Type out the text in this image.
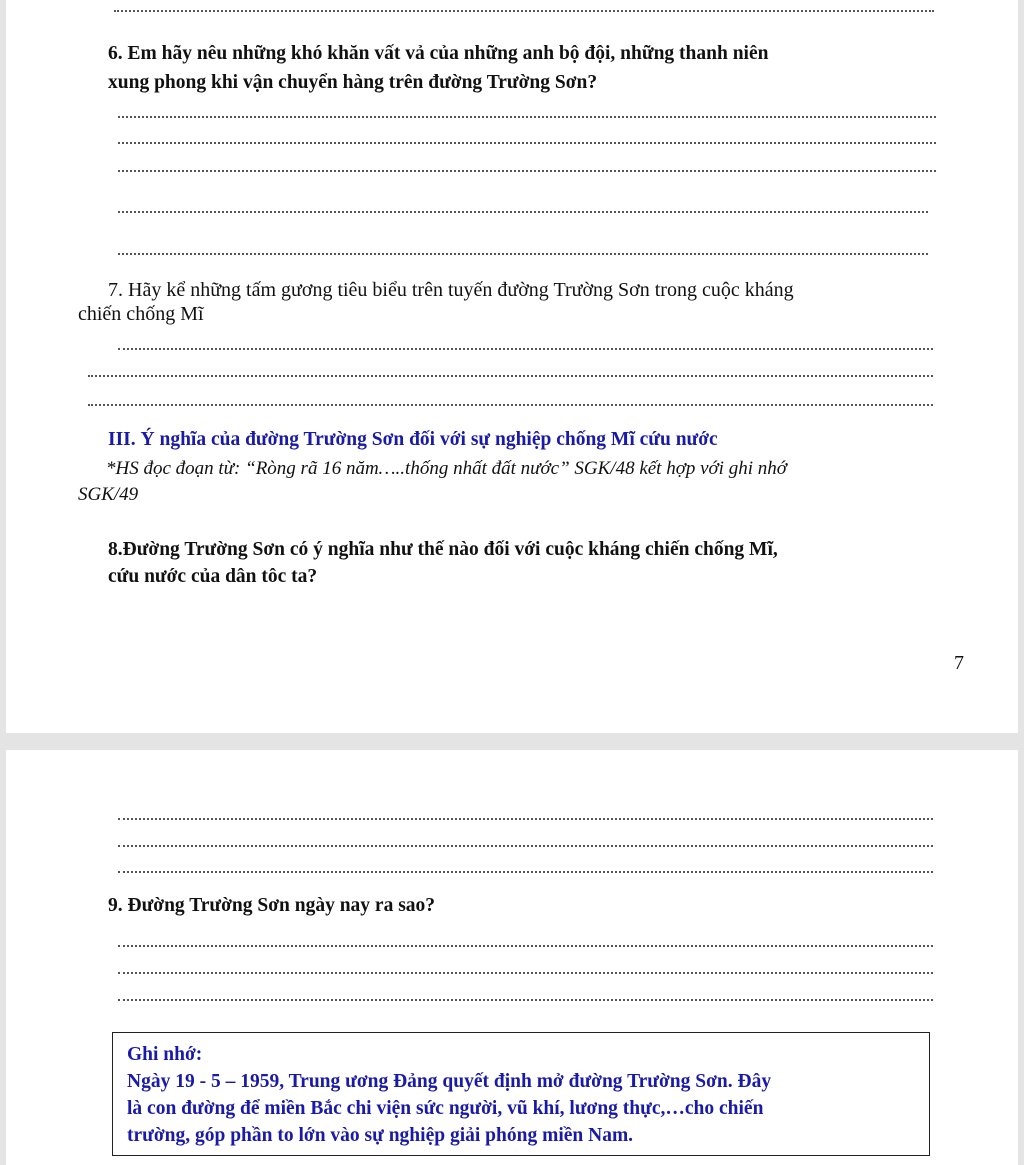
6. Em hãy nêu những khó khăn vất vả của những anh bộ đội, những thanh niên

xung phong khi vận chuyển hàng trên đường Trường Sơn?

7. Hãy kể những tấm gương tiêu biểu trên tuyến đường Trường Sơn trong cuộc kháng

chiến chống Mĩ

III. Ý nghĩa của đường Trường Sơn đối với sự nghiệp chống Mĩ cứu nước

*HS đọc đoạn từ: “Ròng rã 16 năm…..thống nhất đất nước” SGK/48 kết hợp với ghi nhớ

SGK/49

8.Đường Trường Sơn có ý nghĩa như thế nào đối với cuộc kháng chiến chống Mĩ,

cứu nước của dân tôc ta?

7

9. Đường Trường Sơn ngày nay ra sao?

Ghi nhớ:

Ngày 19 - 5 – 1959, Trung ương Đảng quyết định mở đường Trường Sơn. Đây

là con đường để miền Bắc chi viện sức người, vũ khí, lương thực,…cho chiến

trường, góp phần to lớn vào sự nghiệp giải phóng miền Nam.
